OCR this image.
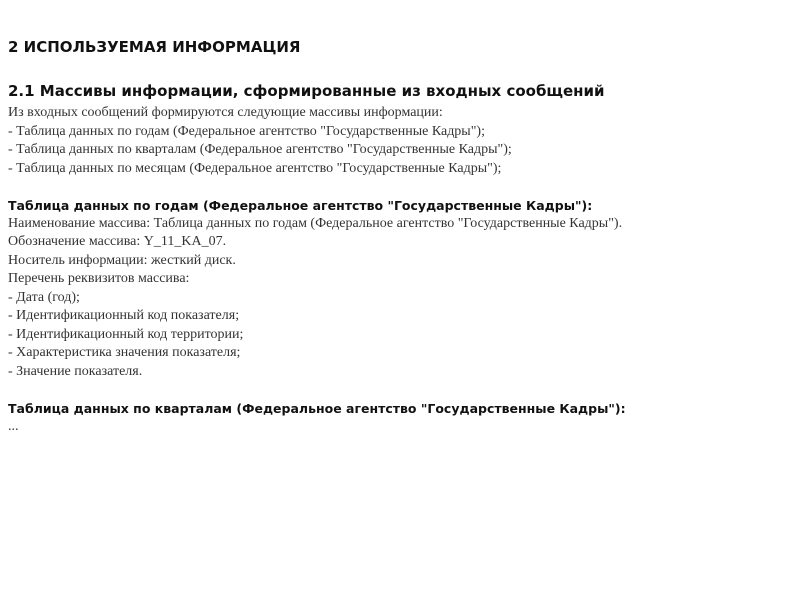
2 ИСПОЛЬЗУЕМАЯ ИНФОРМАЦИЯ
2.1 Массивы информации, сформированные из входных сообщений
Из входных сообщений формируются следующие массивы информации:
- Таблица данных по годам (Федеральное агентство "Государственные Кадры");
- Таблица данных по кварталам (Федеральное агентство "Государственные Кадры");
- Таблица данных по месяцам (Федеральное агентство "Государственные Кадры");
Таблица данных по годам (Федеральное агентство "Государственные Кадры"):
Наименование массива: Таблица данных по годам (Федеральное агентство "Государственные Кадры").
Обозначение массива: Y_11_KA_07.
Носитель информации: жесткий диск.
Перечень реквизитов массива:
- Дата (год);
- Идентификационный код показателя;
- Идентификационный код территории;
- Характеристика значения показателя;
- Значение показателя.
Таблица данных по кварталам (Федеральное агентство "Государственные Кадры"):
...
